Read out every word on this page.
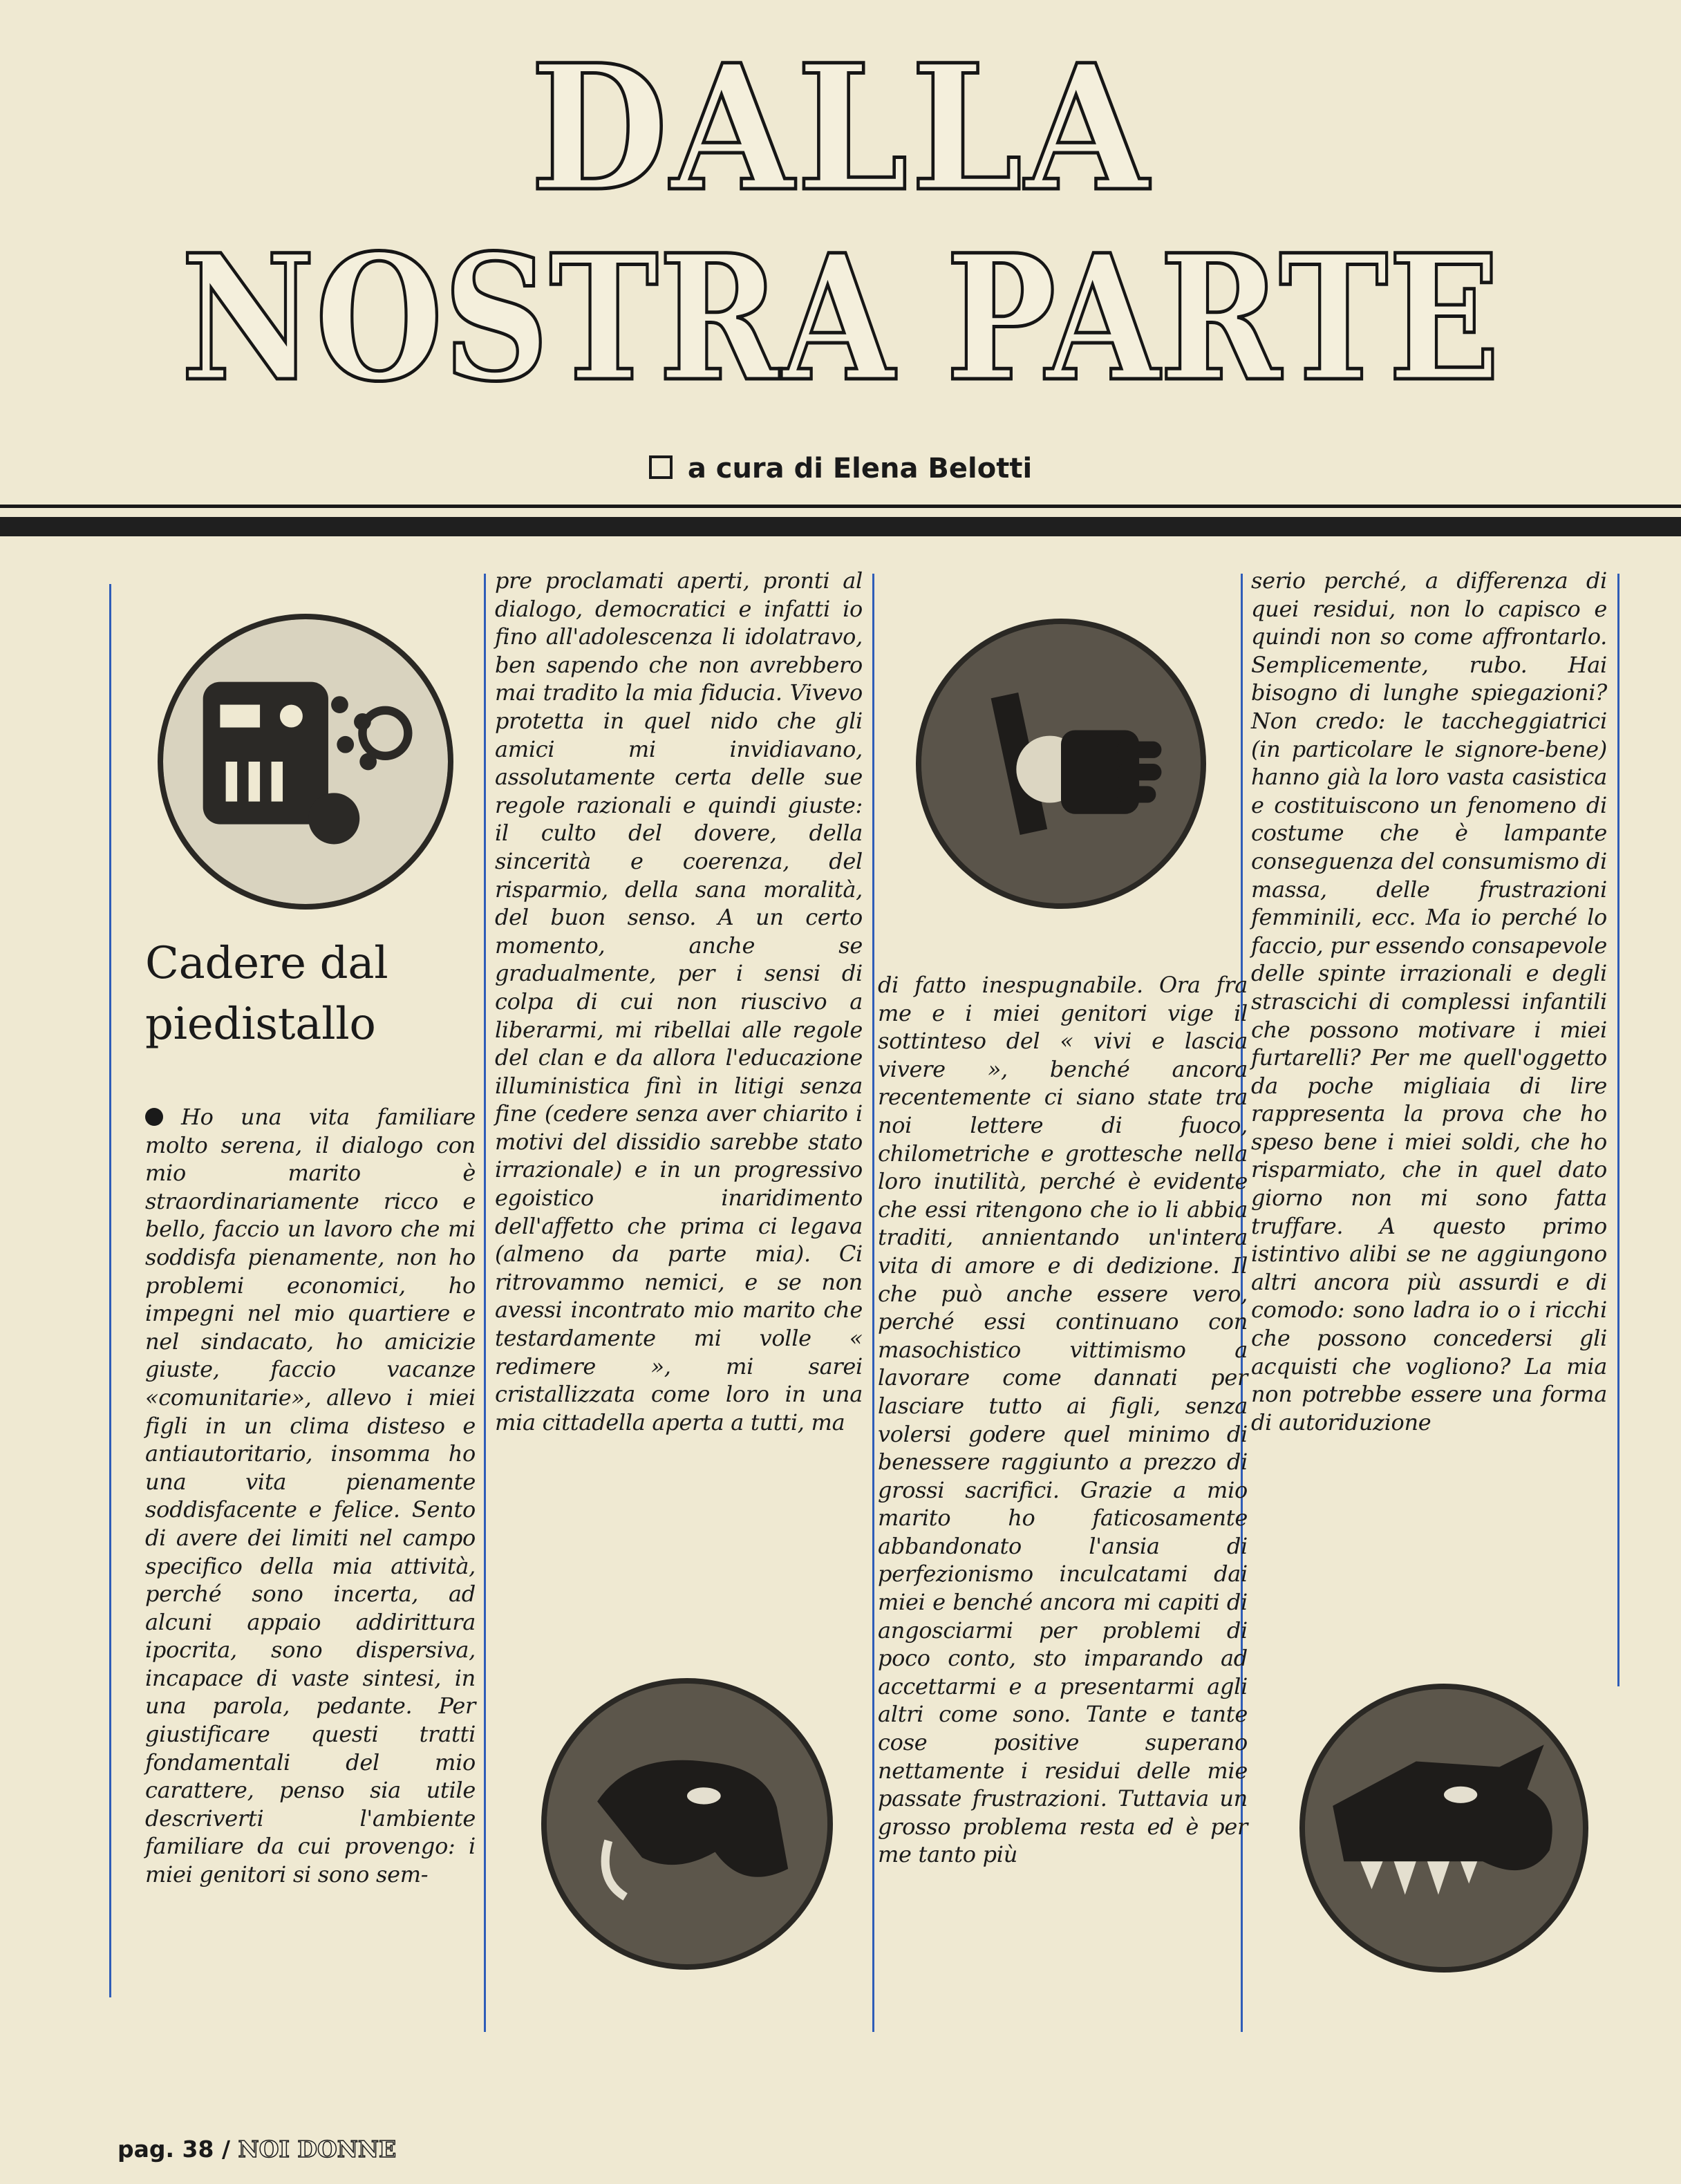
DALLA
NOSTRA PARTE
a cura di Elena Belotti
Cadere dal piedistallo

Ho una vita familiare molto serena, il dialogo con mio marito è straordinariamente ricco e bello, faccio un lavoro che mi soddisfa pienamente, non ho problemi economici, ho impegni nel mio quartiere e nel sindacato, ho amicizie giuste, faccio vacanze «comunitarie», allevo i miei figli in un clima disteso e antiautoritario, insomma ho una vita pienamente soddisfacente e felice. Sento di avere dei limiti nel campo specifico della mia attività, perché sono incerta, ad alcuni appaio addirittura ipocrita, sono dispersiva, incapace di vaste sintesi, in una parola, pedante. Per giustificare questi tratti fondamentali del mio carattere, penso sia utile descriverti l'ambiente familiare da cui provengo: i miei genitori si sono sem-

pre proclamati aperti, pronti al dialogo, democratici e infatti io fino all'adolescenza li idolatravo, ben sapendo che non avrebbero mai tradito la mia fiducia. Vivevo protetta in quel nido che gli amici mi invidiavano, assolutamente certa delle sue regole razionali e quindi giuste: il culto del dovere, della sincerità e coerenza, del risparmio, della sana moralità, del buon senso. A un certo momento, anche se gradualmente, per i sensi di colpa di cui non riuscivo a liberarmi, mi ribellai alle regole del clan e da allora l'educazione illuministica finì in litigi senza fine (cedere senza aver chiarito i motivi del dissidio sarebbe stato irrazionale) e in un progressivo egoistico inaridimento dell'affetto che prima ci legava (almeno da parte mia). Ci ritrovammo nemici, e se non avessi incontrato mio marito che testardamente mi volle « redimere », mi sarei cristallizzata come loro in una mia cittadella aperta a tutti, ma

di fatto inespugnabile. Ora fra me e i miei genitori vige il sottinteso del « vivi e lascia vivere », benché ancora recentemente ci siano state tra noi lettere di fuoco, chilometriche e grottesche nella loro inutilità, perché è evidente che essi ritengono che io li abbia traditi, annientando un'intera vita di amore e di dedizione. Il che può anche essere vero, perché essi continuano con masochistico vittimismo a lavorare come dannati per lasciare tutto ai figli, senza volersi godere quel minimo di benessere raggiunto a prezzo di grossi sacrifici. Grazie a mio marito ho faticosamente abbandonato l'ansia di perfezionismo inculcatami dai miei e benché ancora mi capiti di angosciarmi per problemi di poco conto, sto imparando ad accettarmi e a presentarmi agli altri come sono. Tante e tante cose positive superano nettamente i residui delle mie passate frustrazioni. Tuttavia un grosso problema resta ed è per me tanto più

serio perché, a differenza di quei residui, non lo capisco e quindi non so come affrontarlo. Semplicemente, rubo. Hai bisogno di lunghe spiegazioni? Non credo: le taccheggiatrici (in particolare le signore-bene) hanno già la loro vasta casistica e costituiscono un fenomeno di costume che è lampante conseguenza del consumismo di massa, delle frustrazioni femminili, ecc. Ma io perché lo faccio, pur essendo consapevole delle spinte irrazionali e degli strascichi di complessi infantili che possono motivare i miei furtarelli? Per me quell'oggetto da poche migliaia di lire rappresenta la prova che ho speso bene i miei soldi, che ho risparmiato, che in quel dato giorno non mi sono fatta truffare. A questo primo istintivo alibi se ne aggiungono altri ancora più assurdi e di comodo: sono ladra io o i ricchi che possono concedersi gli acquisti che vogliono? La mia non potrebbe essere una forma di autoriduzione

pag. 38 / NOI DONNE
